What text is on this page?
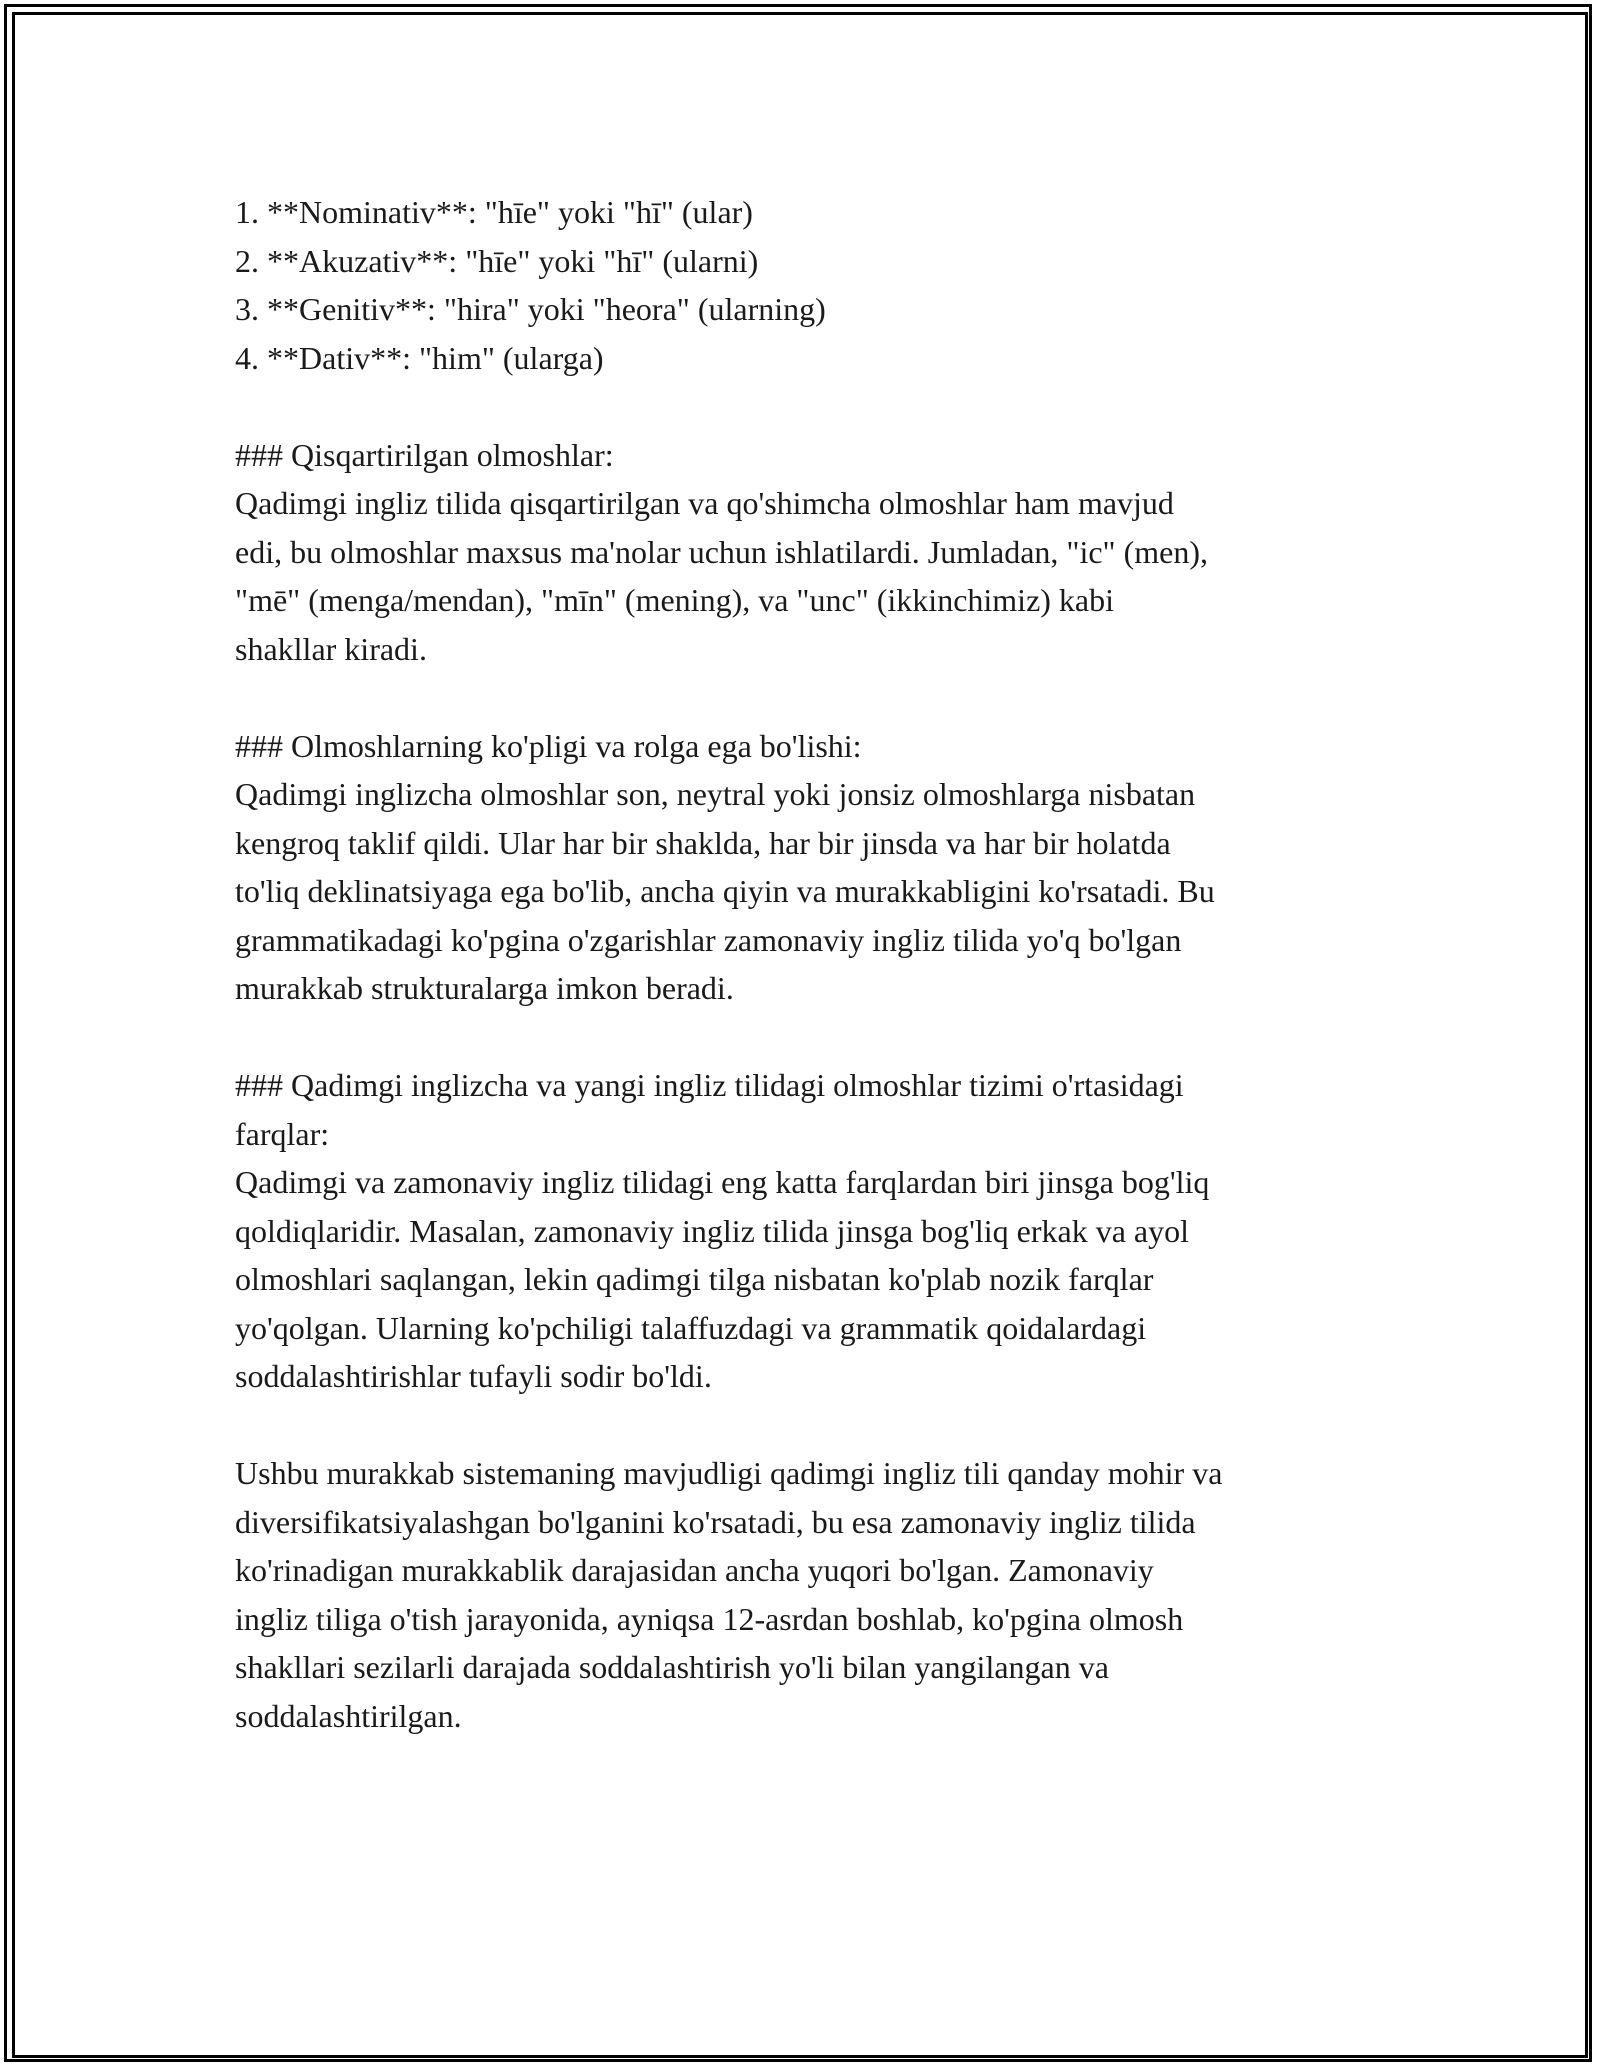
1. **Nominativ**: "hīe" yoki "hī" (ular)
2. **Akuzativ**: "hīe" yoki "hī" (ularni)
3. **Genitiv**: "hira" yoki "heora" (ularning)
4. **Dativ**: "him" (ularga)
### Qisqartirilgan olmoshlar:
Qadimgi ingliz tilida qisqartirilgan va qo'shimcha olmoshlar ham mavjud
edi, bu olmoshlar maxsus ma'nolar uchun ishlatilardi. Jumladan, "ic" (men),
"mē" (menga/mendan), "mīn" (mening), va "unc" (ikkinchimiz) kabi
shakllar kiradi.
### Olmoshlarning ko'pligi va rolga ega bo'lishi:
Qadimgi inglizcha olmoshlar son, neytral yoki jonsiz olmoshlarga nisbatan
kengroq taklif qildi. Ular har bir shaklda, har bir jinsda va har bir holatda
to'liq deklinatsiyaga ega bo'lib, ancha qiyin va murakkabligini ko'rsatadi. Bu
grammatikadagi ko'pgina o'zgarishlar zamonaviy ingliz tilida yo'q bo'lgan
murakkab strukturalarga imkon beradi.
### Qadimgi inglizcha va yangi ingliz tilidagi olmoshlar tizimi o'rtasidagi
farqlar:
Qadimgi va zamonaviy ingliz tilidagi eng katta farqlardan biri jinsga bog'liq
qoldiqlaridir. Masalan, zamonaviy ingliz tilida jinsga bog'liq erkak va ayol
olmoshlari saqlangan, lekin qadimgi tilga nisbatan ko'plab nozik farqlar
yo'qolgan. Ularning ko'pchiligi talaffuzdagi va grammatik qoidalardagi
soddalashtirishlar tufayli sodir bo'ldi.
Ushbu murakkab sistemaning mavjudligi qadimgi ingliz tili qanday mohir va
diversifikatsiyalashgan bo'lganini ko'rsatadi, bu esa zamonaviy ingliz tilida
ko'rinadigan murakkablik darajasidan ancha yuqori bo'lgan. Zamonaviy
ingliz tiliga o'tish jarayonida, ayniqsa 12-asrdan boshlab, ko'pgina olmosh
shakllari sezilarli darajada soddalashtirish yo'li bilan yangilangan va
soddalashtirilgan.
